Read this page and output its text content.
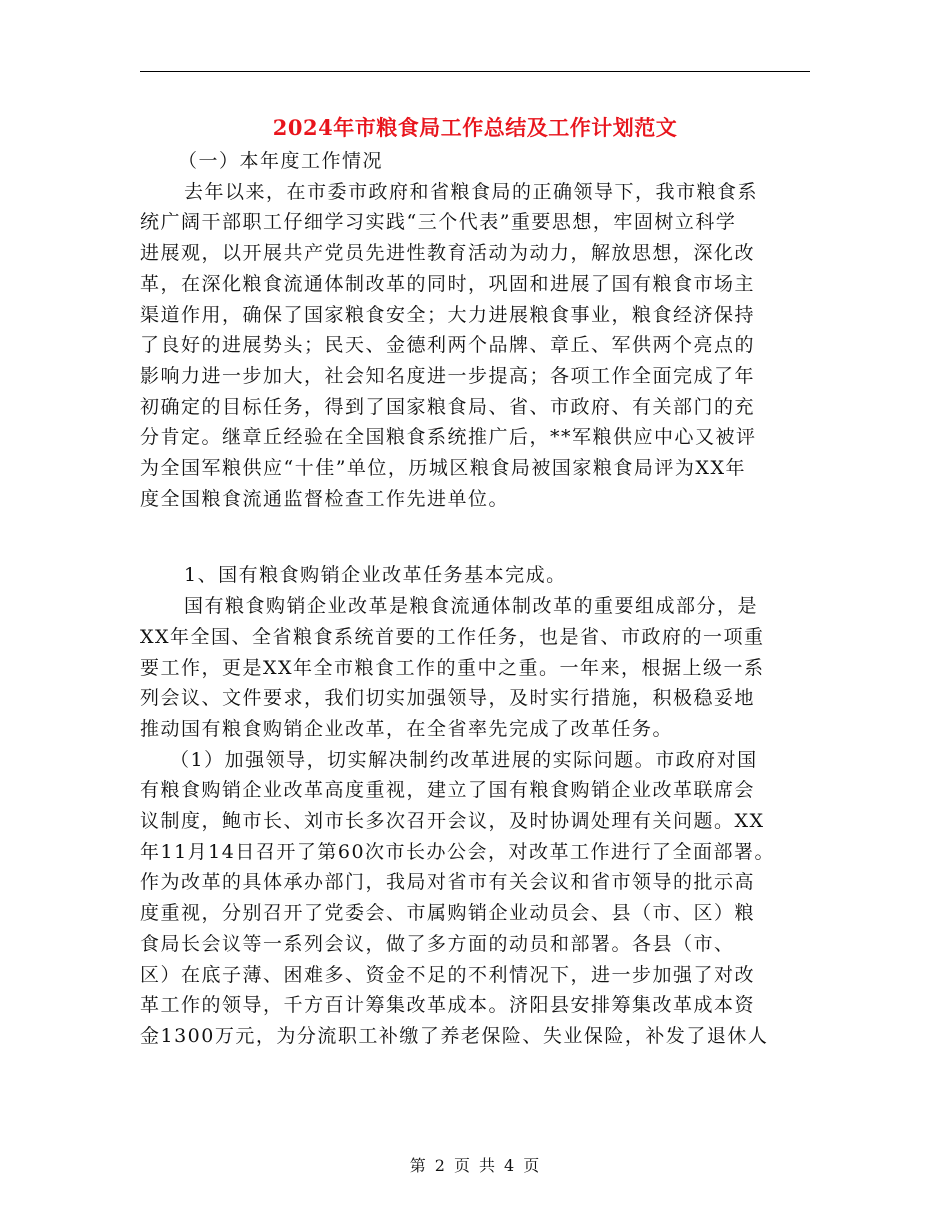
2024年市粮食局工作总结及工作计划范文
（一）本年度工作情况
去年以来，在市委市政府和省粮食局的正确领导下，我市粮食系
统广阔干部职工仔细学习实践“三个代表”重要思想，牢固树立科学
进展观，以开展共产党员先进性教育活动为动力，解放思想，深化改
革，在深化粮食流通体制改革的同时，巩固和进展了国有粮食市场主
渠道作用，确保了国家粮食安全；大力进展粮食事业，粮食经济保持
了良好的进展势头；民天、金德利两个品牌、章丘、军供两个亮点的
影响力进一步加大，社会知名度进一步提高；各项工作全面完成了年
初确定的目标任务，得到了国家粮食局、省、市政府、有关部门的充
分肯定。继章丘经验在全国粮食系统推广后，**军粮供应中心又被评
为全国军粮供应“十佳”单位，历城区粮食局被国家粮食局评为XX年
度全国粮食流通监督检查工作先进单位。
1、国有粮食购销企业改革任务基本完成。
国有粮食购销企业改革是粮食流通体制改革的重要组成部分，是
XX年全国、全省粮食系统首要的工作任务，也是省、市政府的一项重
要工作，更是XX年全市粮食工作的重中之重。一年来，根据上级一系
列会议、文件要求，我们切实加强领导，及时实行措施，积极稳妥地
推动国有粮食购销企业改革，在全省率先完成了改革任务。
（1）加强领导，切实解决制约改革进展的实际问题。市政府对国
有粮食购销企业改革高度重视，建立了国有粮食购销企业改革联席会
议制度，鲍市长、刘市长多次召开会议，及时协调处理有关问题。XX
年11月14日召开了第60次市长办公会，对改革工作进行了全面部署。
作为改革的具体承办部门，我局对省市有关会议和省市领导的批示高
度重视，分别召开了党委会、市属购销企业动员会、县（市、区）粮
食局长会议等一系列会议，做了多方面的动员和部署。各县（市、
区）在底子薄、困难多、资金不足的不利情况下，进一步加强了对改
革工作的领导，千方百计筹集改革成本。济阳县安排筹集改革成本资
金1300万元，为分流职工补缴了养老保险、失业保险，补发了退休人
第 2 页 共 4 页
